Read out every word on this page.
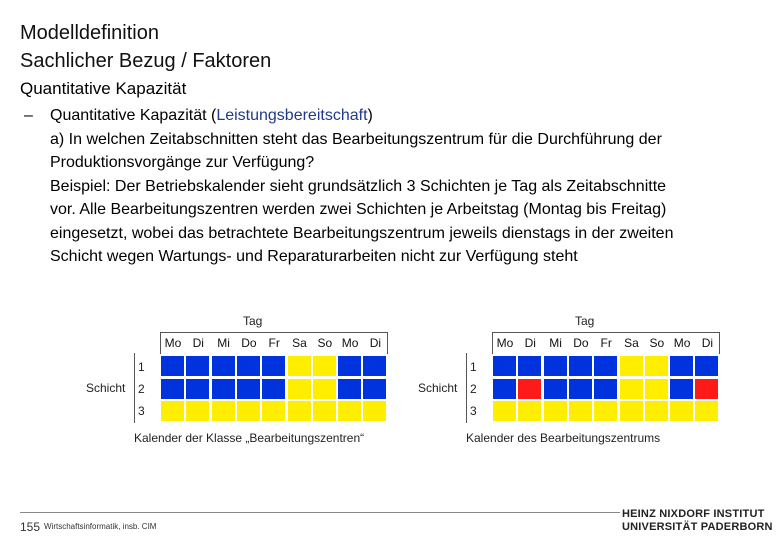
Modelldefinition
Sachlicher Bezug / Faktoren
Quantitative Kapazität
– Quantitative Kapazität (Leistungsbereitschaft)
a) In welchen Zeitabschnitten steht das Bearbeitungszentrum für die Durchführung der
Produktionsvorgänge zur Verfügung?
Beispiel: Der Betriebskalender sieht grundsätzlich 3 Schichten je Tag als Zeitabschnitte
vor. Alle Bearbeitungszentren werden zwei Schichten je Arbeitstag (Montag bis Freitag)
eingesetzt, wobei das betrachtete Bearbeitungszentrum jeweils dienstags in der zweiten
Schicht wegen Wartungs- und Reparaturarbeiten nicht zur Verfügung steht
Tag
Schicht
Kalender der Klasse „Bearbeitungszentren“
Mo Di	Mi Do Fr	Sa So Mo Di
1
2
3
Tag
Schicht
Kalender des Bearbeitungszentrums
Mo Di	Mi Do Fr	Sa So Mo Di
1
2
3
155 Wirtschaftsinformatik, insb. CIM
HEINZ NIXDORF INSTITUT
UNIVERSITÄT PADERBORN
